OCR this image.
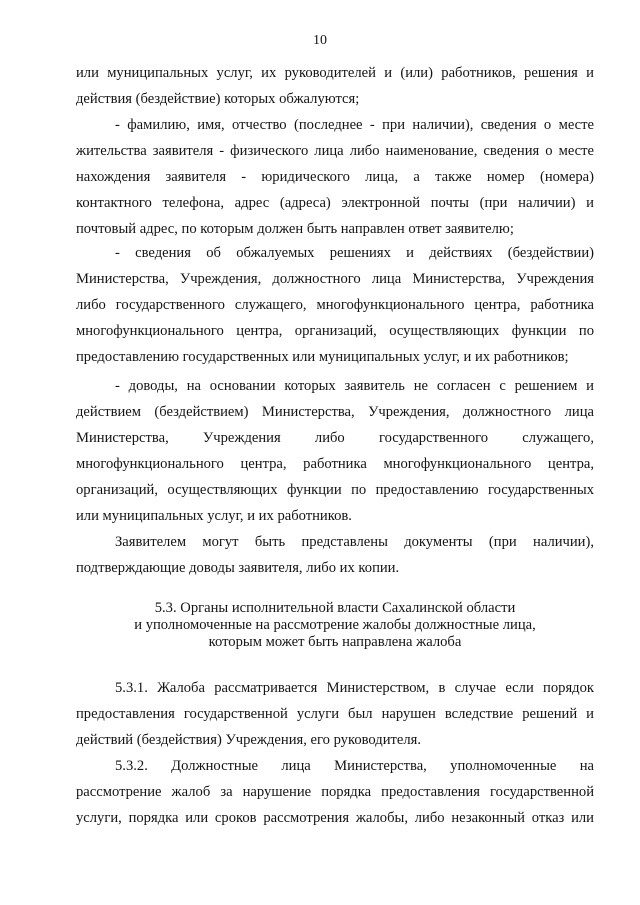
10
или муниципальных услуг, их руководителей и (или) работников, решения и
действия (бездействие) которых обжалуются;
- фамилию, имя, отчество (последнее - при наличии), сведения о месте
жительства заявителя - физического лица либо наименование, сведения о месте
нахождения заявителя - юридического лица, а также номер (номера)
контактного телефона, адрес (адреса) электронной почты (при наличии) и
почтовый адрес, по которым должен быть направлен ответ заявителю;
- сведения об обжалуемых решениях и действиях (бездействии)
Министерства, Учреждения, должностного лица Министерства, Учреждения
либо государственного служащего, многофункционального центра, работника
многофункционального центра, организаций, осуществляющих функции по
предоставлению государственных или муниципальных услуг, и их работников;
- доводы, на основании которых заявитель не согласен с решением и
действием (бездействием) Министерства, Учреждения, должностного лица
Министерства, Учреждения либо государственного служащего,
многофункционального центра, работника многофункционального центра,
организаций, осуществляющих функции по предоставлению государственных
или муниципальных услуг, и их работников.
Заявителем могут быть представлены документы (при наличии),
подтверждающие доводы заявителя, либо их копии.
5.3. Органы исполнительной власти Сахалинской области
и уполномоченные на рассмотрение жалобы должностные лица,
которым может быть направлена жалоба
5.3.1. Жалоба рассматривается Министерством, в случае если порядок
предоставления государственной услуги был нарушен вследствие решений и
действий (бездействия) Учреждения, его руководителя.
5.3.2. Должностные лица Министерства, уполномоченные на
рассмотрение жалоб за нарушение порядка предоставления государственной
услуги, порядка или сроков рассмотрения жалобы, либо незаконный отказ или
